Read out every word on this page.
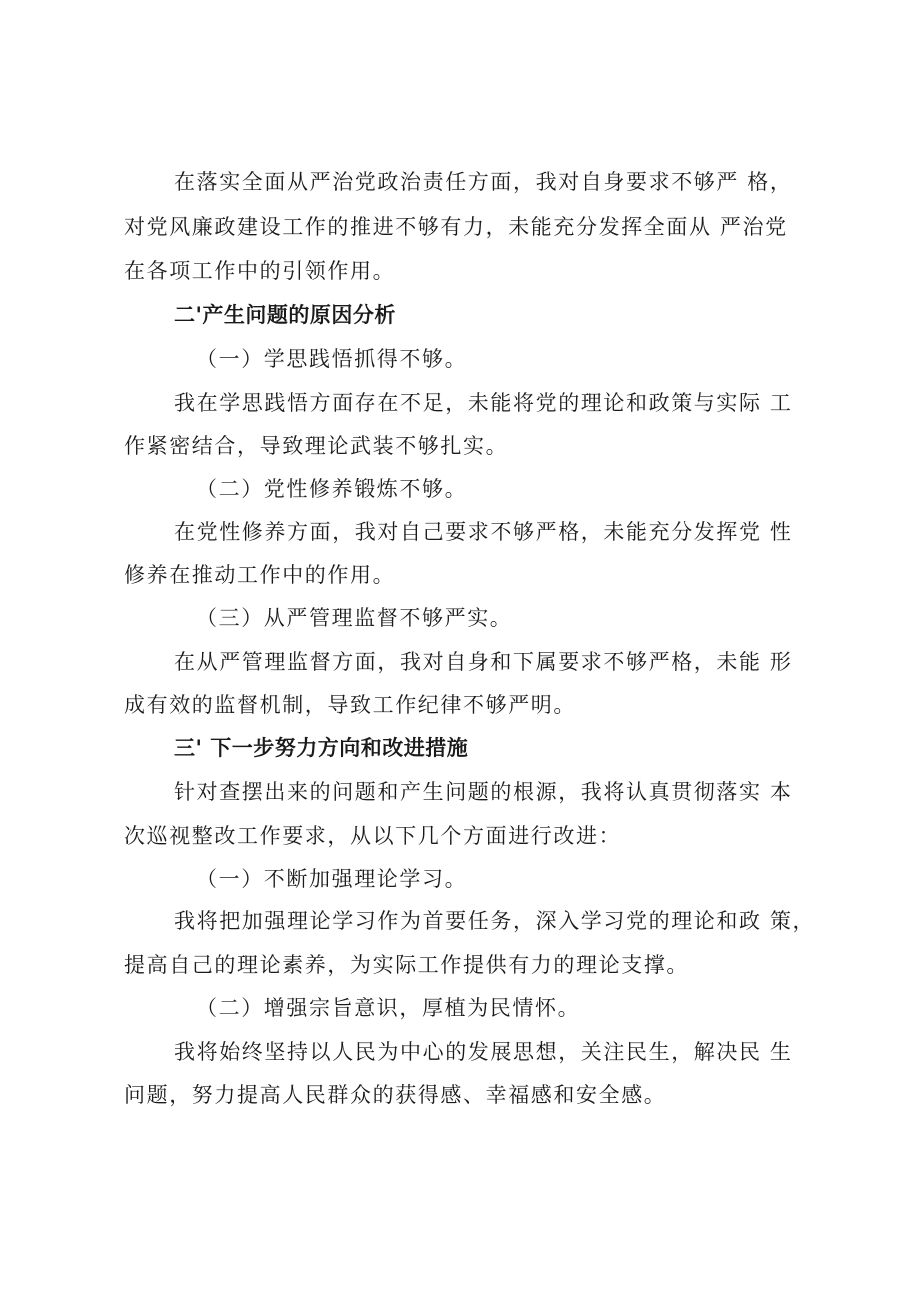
在落实全面从严治党政治责任方面，我对自身要求不够严 格，
对党风廉政建设工作的推进不够有力，未能充分发挥全面从 严治党
在各项工作中的引领作用。
二'产生问题的原因分析
（一）学思践悟抓得不够。
我在学思践悟方面存在不足，未能将党的理论和政策与实际 工
作紧密结合，导致理论武装不够扎实。
（二）党性修养锻炼不够。
在党性修养方面，我对自己要求不够严格，未能充分发挥党 性
修养在推动工作中的作用。
（三）从严管理监督不够严实。
在从严管理监督方面，我对自身和下属要求不够严格，未能 形
成有效的监督机制，导致工作纪律不够严明。
三' 下一步努力方向和改进措施
针对查摆出来的问题和产生问题的根源，我将认真贯彻落实 本
次巡视整改工作要求，从以下几个方面进行改进：
（一）不断加强理论学习。
我将把加强理论学习作为首要任务，深入学习党的理论和政 策，
提高自己的理论素养，为实际工作提供有力的理论支撑。
（二）增强宗旨意识，厚植为民情怀。
我将始终坚持以人民为中心的发展思想，关注民生，解决民 生
问题，努力提高人民群众的获得感、幸福感和安全感。
